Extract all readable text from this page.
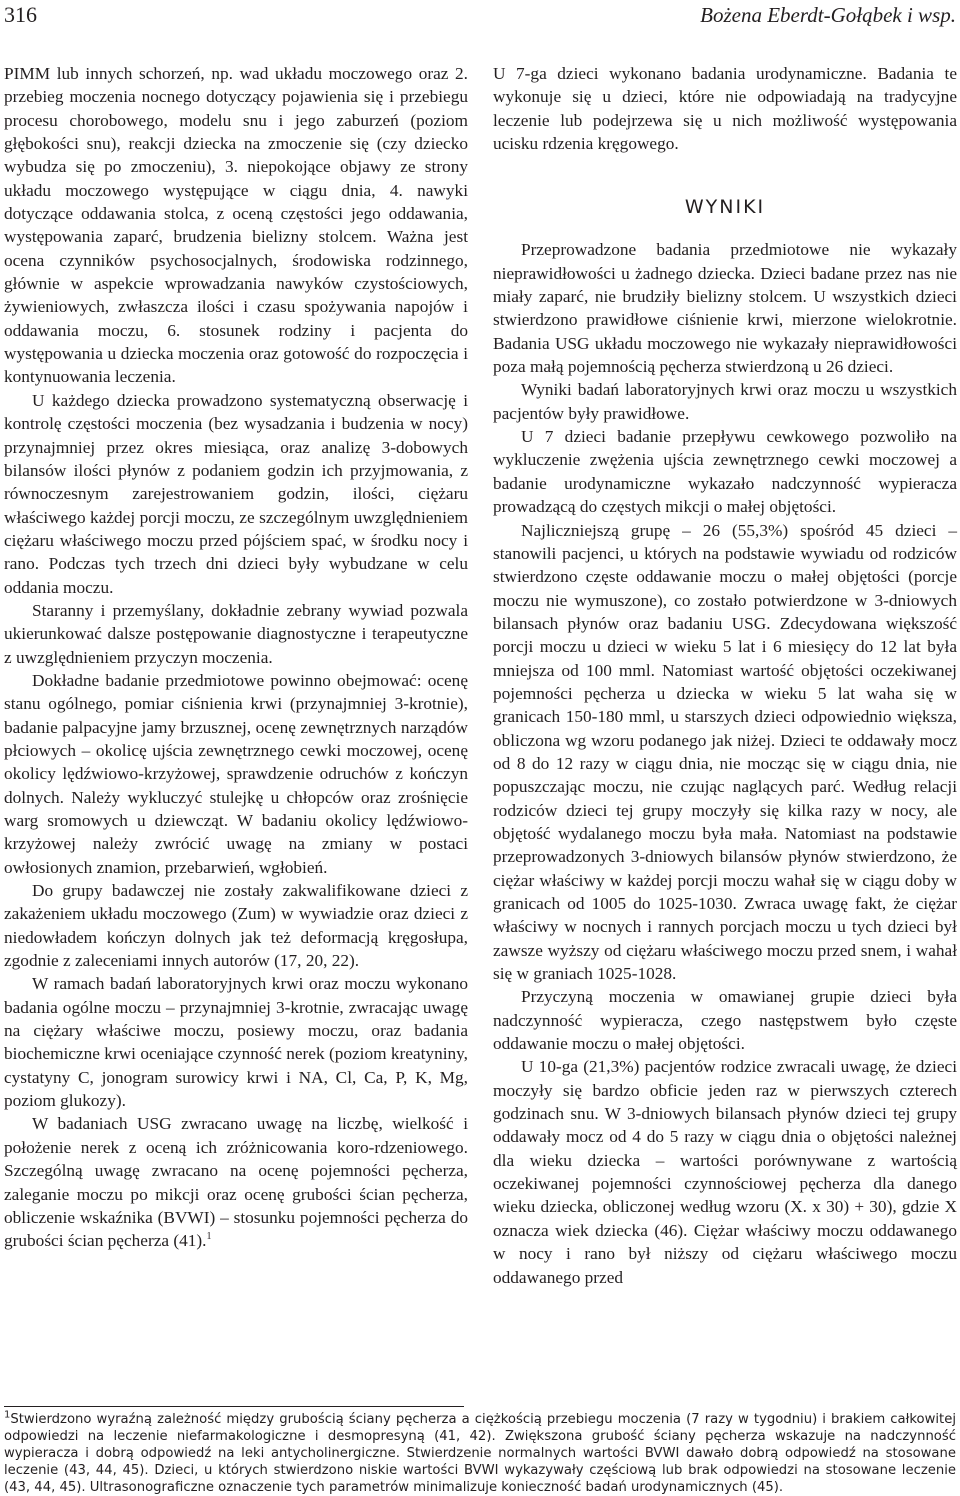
316	Bożena Eberdt-Gołąbek i wsp.

PIMM lub innych schorzeń, np. wad układu moczowego oraz 2. przebieg moczenia nocnego dotyczący pojawienia się i przebiegu procesu chorobowego, modelu snu i jego zaburzeń (poziom głębokości snu), reakcji dziecka na zmoczenie się (czy dziecko wybudza się po zmoczeniu), 3. niepokojące objawy ze strony układu moczowego występujące w ciągu dnia, 4. nawyki dotyczące oddawania stolca, z oceną częstości jego oddawania, występowania zaparć, brudzenia bielizny stolcem. Ważna jest ocena czynników psychosocjalnych, środowiska rodzinnego, głównie w aspekcie wprowadzania nawyków czystościowych, żywieniowych, zwłaszcza ilości i czasu spożywania napojów i oddawania moczu, 6. stosunek rodziny i pacjenta do występowania u dziecka moczenia oraz gotowość do rozpoczęcia i kontynuowania leczenia.

U każdego dziecka prowadzono systematyczną obserwację i kontrolę częstości moczenia (bez wysadzania i budzenia w nocy) przynajmniej przez okres miesiąca, oraz analizę 3-dobowych bilansów ilości płynów z podaniem godzin ich przyjmowania, z równoczesnym zarejestrowaniem godzin, ilości, ciężaru właściwego każdej porcji moczu, ze szczególnym uwzględnieniem ciężaru właściwego moczu przed pójściem spać, w środku nocy i rano. Podczas tych trzech dni dzieci były wybudzane w celu oddania moczu.

Staranny i przemyślany, dokładnie zebrany wywiad pozwala ukierunkować dalsze postępowanie diagnostyczne i terapeutyczne z uwzględnieniem przyczyn moczenia.

Dokładne badanie przedmiotowe powinno obejmować: ocenę stanu ogólnego, pomiar ciśnienia krwi (przynajmniej 3-krotnie), badanie palpacyjne jamy brzusznej, ocenę zewnętrznych narządów płciowych – okolicę ujścia zewnętrznego cewki moczowej, ocenę okolicy lędźwiowo-krzyżowej, sprawdzenie odruchów z kończyn dolnych. Należy wykluczyć stulejkę u chłopców oraz zrośnięcie warg sromowych u dziewcząt. W badaniu okolicy lędźwiowo-krzyżowej należy zwrócić uwagę na zmiany w postaci owłosionych znamion, przebarwień, wgłobień.

Do grupy badawczej nie zostały zakwalifikowane dzieci z zakażeniem układu moczowego (Zum) w wywiadzie oraz dzieci z niedowładem kończyn dolnych jak też deformacją kręgosłupa, zgodnie z zaleceniami innych autorów (17, 20, 22).

W ramach badań laboratoryjnych krwi oraz moczu wykonano badania ogólne moczu – przynajmniej 3-krotnie, zwracając uwagę na ciężary właściwe moczu, posiewy moczu, oraz badania biochemiczne krwi oceniające czynność nerek (poziom kreatyniny, cystatyny C, jonogram surowicy krwi i NA, Cl, Ca, P, K, Mg, poziom glukozy).

W badaniach USG zwracano uwagę na liczbę, wielkość i położenie nerek z oceną ich zróżnicowania koro-rdzeniowego. Szczególną uwagę zwracano na ocenę pojemności pęcherza, zaleganie moczu po mikcji oraz ocenę grubości ścian pęcherza, obliczenie wskaźnika (BVWI) – stosunku pojemności pęcherza do grubości ścian pęcherza (41).$^1$

U 7-ga dzieci wykonano badania urodynamiczne. Badania te wykonuje się u dzieci, które nie odpowiadają na tradycyjne leczenie lub podejrzewa się u nich możliwość występowania ucisku rdzenia kręgowego.

WYNIKI

Przeprowadzone badania przedmiotowe nie wykazały nieprawidłowości u żadnego dziecka. Dzieci badane przez nas nie miały zaparć, nie brudziły bielizny stolcem. U wszystkich dzieci stwierdzono prawidłowe ciśnienie krwi, mierzone wielokrotnie. Badania USG układu moczowego nie wykazały nieprawidłowości poza małą pojemnością pęcherza stwierdzoną u 26 dzieci.

Wyniki badań laboratoryjnych krwi oraz moczu u wszystkich pacjentów były prawidłowe.

U 7 dzieci badanie przepływu cewkowego pozwoliło na wykluczenie zwężenia ujścia zewnętrznego cewki moczowej a badanie urodynamiczne wykazało nadczynność wypieracza prowadzącą do częstych mikcji o małej objętości.

Najliczniejszą grupę – 26 (55,3%) spośród 45 dzieci – stanowili pacjenci, u których na podstawie wywiadu od rodziców stwierdzono częste oddawanie moczu o małej objętości (porcje moczu nie wymuszone), co zostało potwierdzone w 3-dniowych bilansach płynów oraz badaniu USG. Zdecydowana większość porcji moczu u dzieci w wieku 5 lat i 6 miesięcy do 12 lat była mniejsza od 100 mml. Natomiast wartość objętości oczekiwanej pojemności pęcherza u dziecka w wieku 5 lat waha się w granicach 150-180 mml, u starszych dzieci odpowiednio większa, obliczona wg wzoru podanego jak niżej. Dzieci te oddawały mocz od 8 do 12 razy w ciągu dnia, nie mocząc się w ciągu dnia, nie popuszczając moczu, nie czując naglących parć. Według relacji rodziców dzieci tej grupy moczyły się kilka razy w nocy, ale objętość wydalanego moczu była mała. Natomiast na podstawie przeprowadzonych 3-dniowych bilansów płynów stwierdzono, że ciężar właściwy w każdej porcji moczu wahał się w ciągu doby w granicach od 1005 do 1025-1030. Zwraca uwagę fakt, że ciężar właściwy w nocnych i rannych porcjach moczu u tych dzieci był zawsze wyższy od ciężaru właściwego moczu przed snem, i wahał się w graniach 1025-1028.

Przyczyną moczenia w omawianej grupie dzieci była nadczynność wypieracza, czego następstwem było częste oddawanie moczu o małej objętości.

U 10-ga (21,3%) pacjentów rodzice zwracali uwagę, że dzieci moczyły się bardzo obficie jeden raz w pierwszych czterech godzinach snu. W 3-dniowych bilansach płynów dzieci tej grupy oddawały mocz od 4 do 5 razy w ciągu dnia o objętości należnej dla wieku dziecka – wartości porównywane z wartością oczekiwanej pojemności czynnościowej pęcherza dla danego wieku dziecka, obliczonej według wzoru (X. x 30) + 30), gdzie X oznacza wiek dziecka (46). Ciężar właściwy moczu oddawanego w nocy i rano był niższy od ciężaru właściwego moczu oddawanego przed

$^1$Stwierdzono wyraźną zależność między grubością ściany pęcherza a ciężkością przebiegu moczenia (7 razy w tygodniu) i brakiem całkowitej odpowiedzi na leczenie niefarmakologiczne i desmopresyną (41, 42). Zwiększona grubość ściany pęcherza wskazuje na nadczynność wypieracza i dobrą odpowiedź na leki antycholinergiczne. Stwierdzenie normalnych wartości BVWI dawało dobrą odpowiedź na stosowane leczenie (43, 44, 45). Dzieci, u których stwierdzono niskie wartości BVWI wykazywały częściową lub brak odpowiedzi na stosowane leczenie (43, 44, 45). Ultrasonograficzne oznaczenie tych parametrów minimalizuje konieczność badań urodynamicznych (45).
